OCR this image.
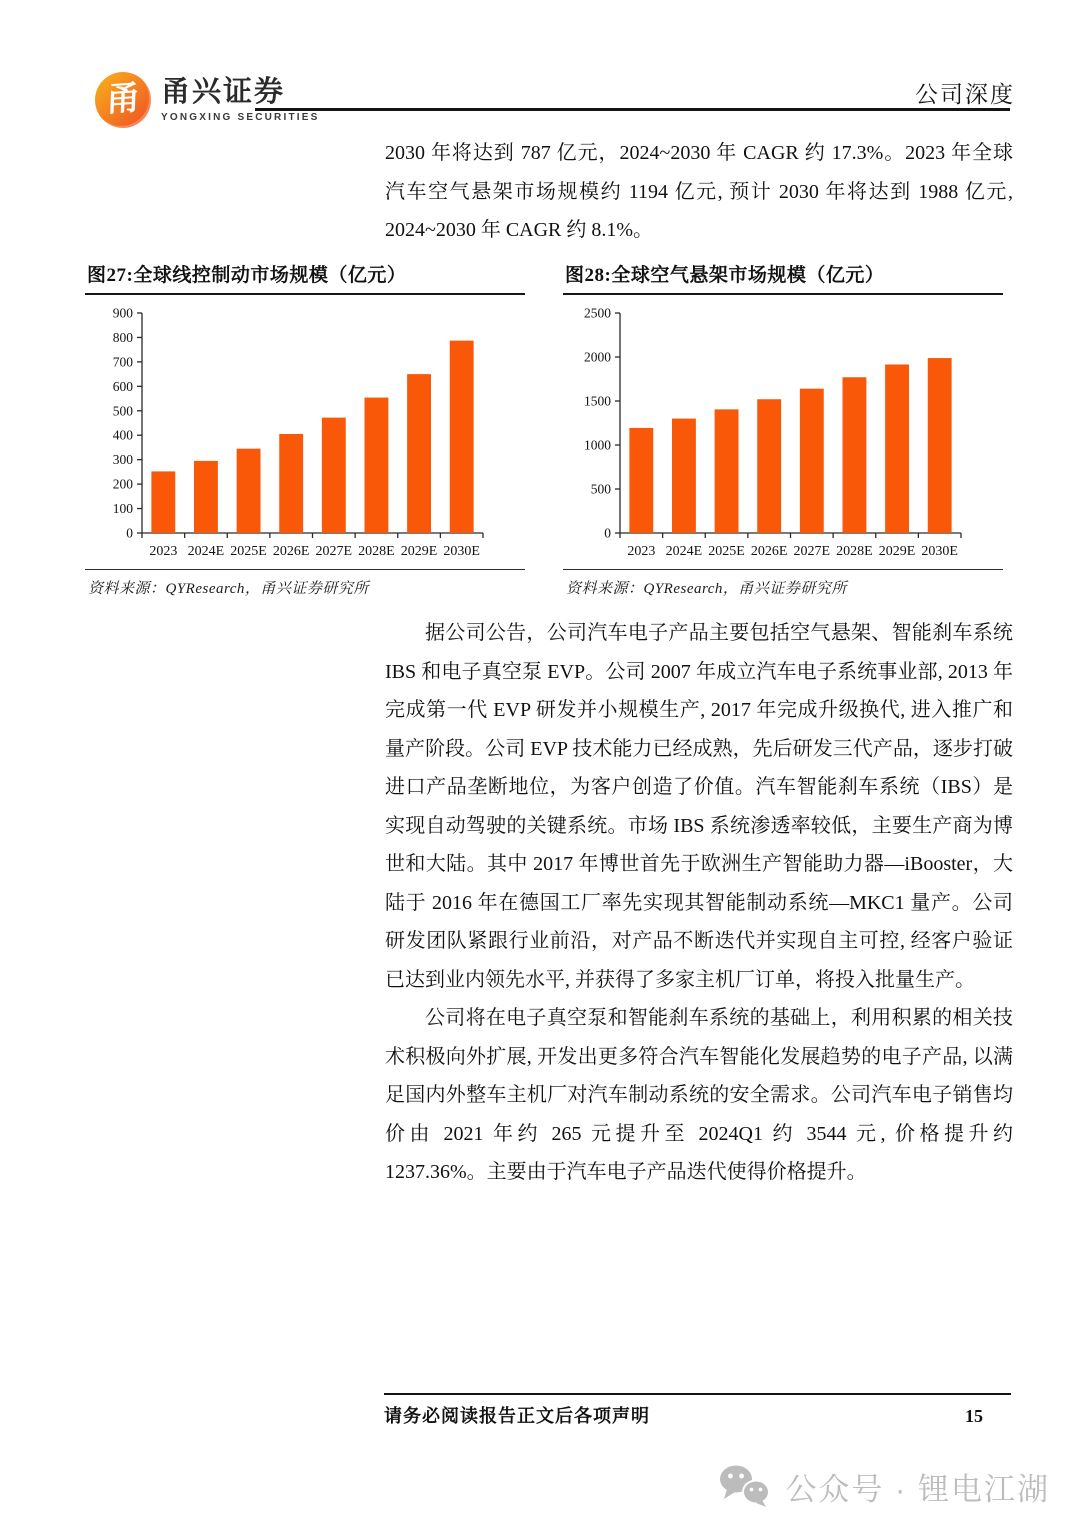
甬 甬兴证券
YONGXING SECURITIES
公司深度
2030 年将达到 787 亿元，2024~2030 年 CAGR 约 17.3%。2023 年全球汽车空气悬架市场规模约 1194 亿元, 预计 2030 年将达到 1988 亿元, 2024~2030 年 CAGR 约 8.1%。
图27:全球线控制动市场规模（亿元）
0
100
200
300
400
500
600
700
800
900
2023 2024E 2025E 2026E 2027E 2028E 2029E 2030E
资料来源：QYResearch，甬兴证券研究所
图28:全球空气悬架市场规模（亿元）
0
500
1000
1500
2000
2500
2023 2024E 2025E 2026E 2027E 2028E 2029E 2030E
资料来源：QYResearch，甬兴证券研究所

据公司公告，公司汽车电子产品主要包括空气悬架、智能刹车系统 IBS 和电子真空泵 EVP。公司 2007 年成立汽车电子系统事业部, 2013 年完成第一代 EVP 研发并小规模生产, 2017 年完成升级换代, 进入推广和量产阶段。公司 EVP 技术能力已经成熟，先后研发三代产品，逐步打破进口产品垄断地位，为客户创造了价值。汽车智能刹车系统（IBS）是实现自动驾驶的关键系统。市场 IBS 系统渗透率较低，主要生产商为博世和大陆。其中 2017 年博世首先于欧洲生产智能助力器—iBooster，大陆于 2016 年在德国工厂率先实现其智能制动系统—MKC1 量产。公司研发团队紧跟行业前沿，对产品不断迭代并实现自主可控, 经客户验证已达到业内领先水平, 并获得了多家主机厂订单，将投入批量生产。

公司将在电子真空泵和智能刹车系统的基础上，利用积累的相关技术积极向外扩展, 开发出更多符合汽车智能化发展趋势的电子产品, 以满足国内外整车主机厂对汽车制动系统的安全需求。公司汽车电子销售均价由 2021 年约 265 元提升至 2024Q1 约 3544 元, 价格提升约 1237.36%。主要由于汽车电子产品迭代使得价格提升。

请务必阅读报告正文后各项声明	15
公众号 · 锂电江湖
